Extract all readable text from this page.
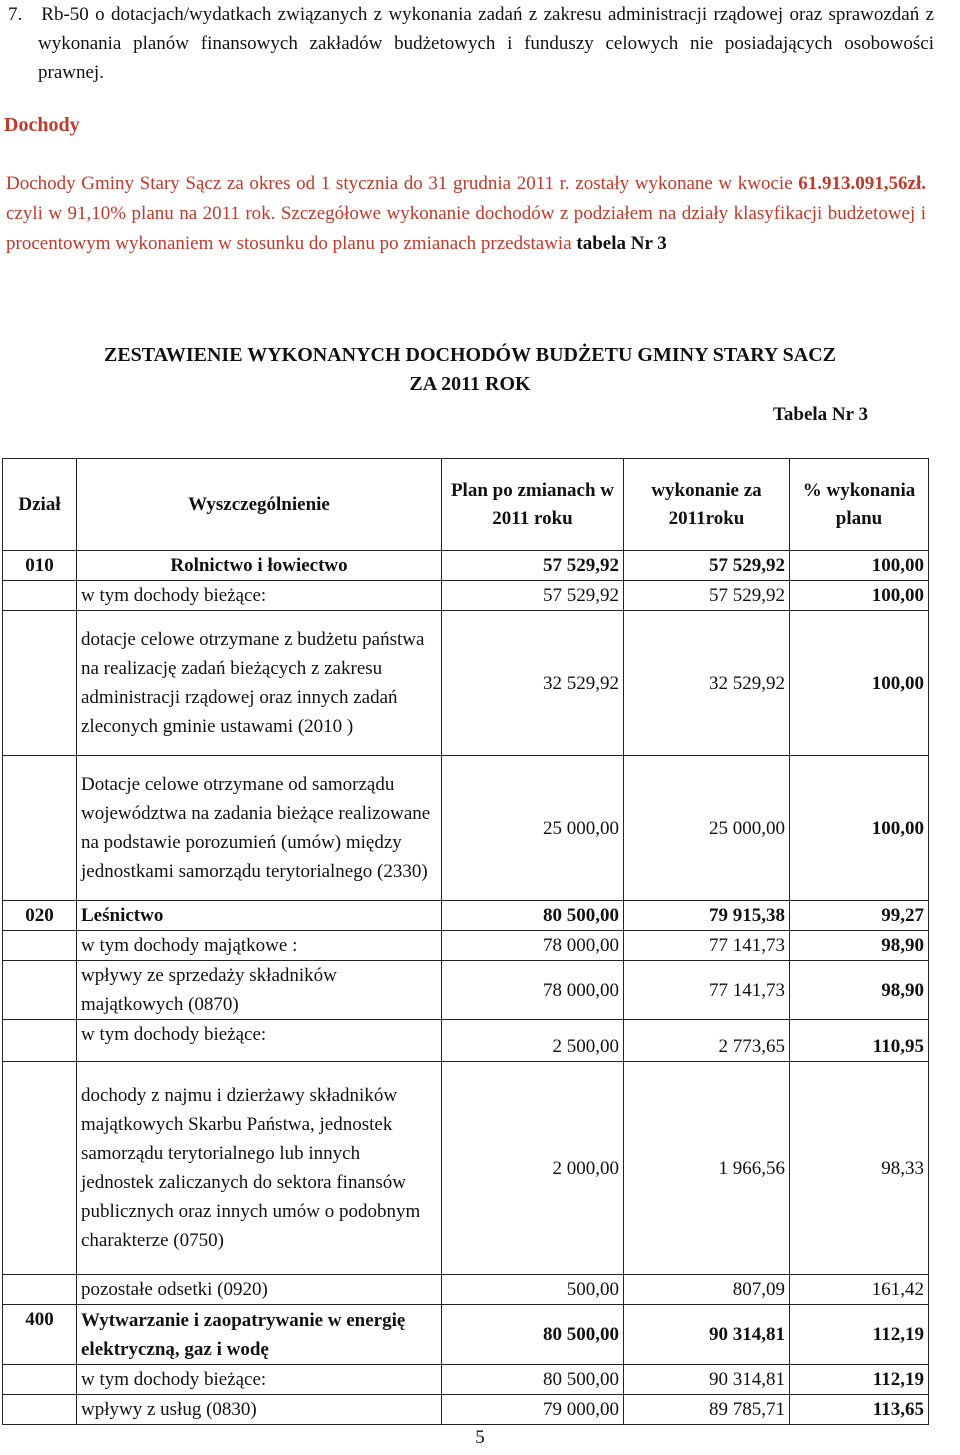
7. Rb-50 o dotacjach/wydatkach związanych z wykonania zadań z zakresu administracji rządowej oraz sprawozdań z wykonania planów finansowych zakładów budżetowych i funduszy celowych nie posiadających osobowości prawnej.
Dochody
Dochody Gminy Stary Sącz za okres od 1 stycznia do 31 grudnia 2011 r. zostały wykonane w kwocie 61.913.091,56zł. czyli w 91,10% planu na 2011 rok. Szczegółowe wykonanie dochodów z podziałem na działy klasyfikacji budżetowej i procentowym wykonaniem w stosunku do planu po zmianach przedstawia tabela Nr 3
ZESTAWIENIE WYKONANYCH DOCHODÓW BUDŻETU GMINY STARY SACZ
ZA 2011 ROK
Tabela Nr 3
Dział	Wyszczególnienie	Plan po zmianach w 2011 roku	wykonanie za 2011roku	% wykonania planu
010	Rolnictwo i łowiectwo	57 529,92	57 529,92	100,00
	w tym dochody bieżące:	57 529,92	57 529,92	100,00
	dotacje celowe otrzymane z budżetu państwa na realizację zadań bieżących z zakresu administracji rządowej oraz innych zadań zleconych gminie ustawami (2010 )	32 529,92	32 529,92	100,00
	Dotacje celowe otrzymane od samorządu województwa na zadania bieżące realizowane na podstawie porozumień (umów) między jednostkami samorządu terytorialnego (2330)	25 000,00	25 000,00	100,00
020	Leśnictwo	80 500,00	79 915,38	99,27
	w tym dochody majątkowe :	78 000,00	77 141,73	98,90
	wpływy ze sprzedaży składników majątkowych (0870)	78 000,00	77 141,73	98,90
	w tym dochody bieżące:	2 500,00	2 773,65	110,95
	dochody z najmu i dzierżawy składników majątkowych Skarbu Państwa, jednostek samorządu terytorialnego lub innych jednostek zaliczanych do sektora finansów publicznych oraz innych umów o podobnym charakterze (0750)	2 000,00	1 966,56	98,33
	pozostałe odsetki (0920)	500,00	807,09	161,42
400	Wytwarzanie i zaopatrywanie w energię elektryczną, gaz i wodę	80 500,00	90 314,81	112,19
	w tym dochody bieżące:	80 500,00	90 314,81	112,19
	wpływy z usług (0830)	79 000,00	89 785,71	113,65
5
